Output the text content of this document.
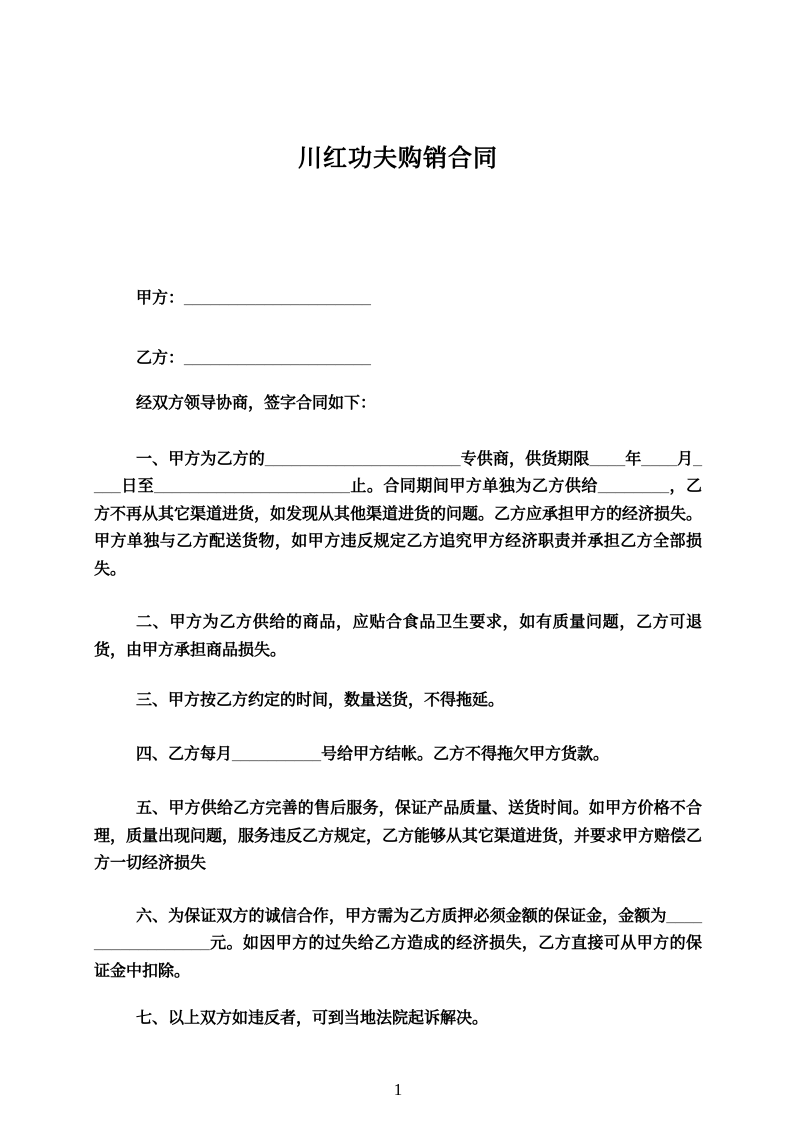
川红功夫购销合同

甲方：_____________________

乙方：_____________________

经双方领导协商，签字合同如下：

一、甲方为乙方的______________________专供商，供货期限____年____月____日至______________________止。合同期间甲方单独为乙方供给________，乙方不再从其它渠道进货，如发现从其他渠道进货的问题。乙方应承担甲方的经济损失。甲方单独与乙方配送货物，如甲方违反规定乙方追究甲方经济职责并承担乙方全部损失。

二、甲方为乙方供给的商品，应贴合食品卫生要求，如有质量问题，乙方可退货，由甲方承担商品损失。

三、甲方按乙方约定的时间，数量送货，不得拖延。

四、乙方每月__________号给甲方结帐。乙方不得拖欠甲方货款。

五、甲方供给乙方完善的售后服务，保证产品质量、送货时间。如甲方价格不合理，质量出现问题，服务违反乙方规定，乙方能够从其它渠道进货，并要求甲方赔偿乙方一切经济损失

六、为保证双方的诚信合作，甲方需为乙方质押必须金额的保证金，金额为_________________元。如因甲方的过失给乙方造成的经济损失，乙方直接可从甲方的保证金中扣除。

七、以上双方如违反者，可到当地法院起诉解决。

1
